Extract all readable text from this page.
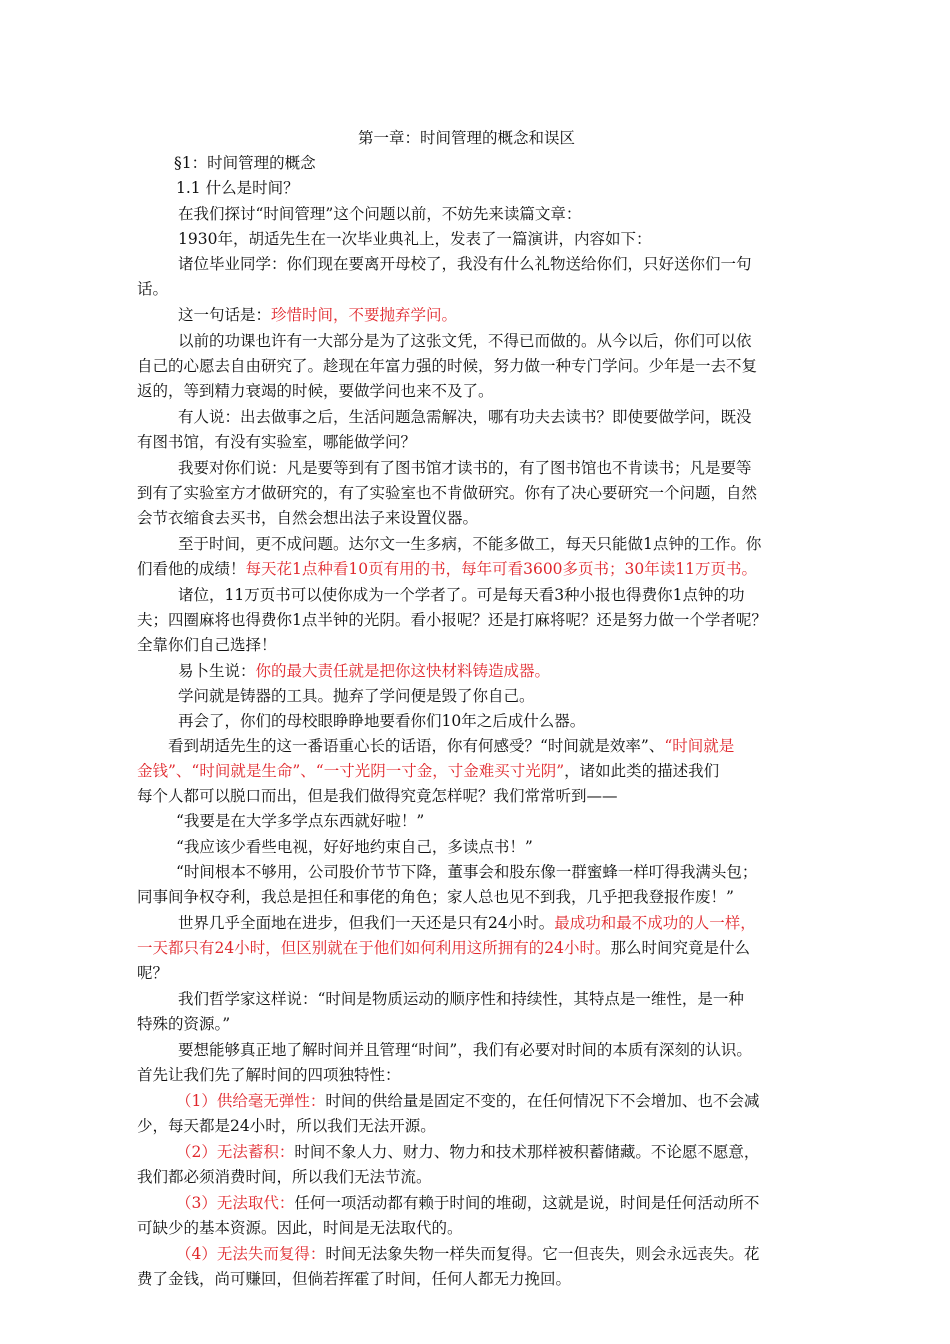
第一章：时间管理的概念和误区
§1：时间管理的概念
1.1 什么是时间？
在我们探讨“时间管理”这个问题以前，不妨先来读篇文章：
1930年，胡适先生在一次毕业典礼上，发表了一篇演讲，内容如下：
诸位毕业同学：你们现在要离开母校了，我没有什么礼物送给你们，只好送你们一句
话。
这一句话是：珍惜时间，不要抛弃学问。
以前的功课也许有一大部分是为了这张文凭，不得已而做的。从今以后，你们可以依
自己的心愿去自由研究了。趁现在年富力强的时候，努力做一种专门学问。少年是一去不复
返的，等到精力衰竭的时候，要做学问也来不及了。
有人说：出去做事之后，生活问题急需解决，哪有功夫去读书？即使要做学问，既没
有图书馆，有没有实验室，哪能做学问？
我要对你们说：凡是要等到有了图书馆才读书的，有了图书馆也不肯读书；凡是要等
到有了实验室方才做研究的，有了实验室也不肯做研究。你有了决心要研究一个问题，自然
会节衣缩食去买书，自然会想出法子来设置仪器。
至于时间，更不成问题。达尔文一生多病，不能多做工，每天只能做1点钟的工作。你
们看他的成绩！每天花1点种看10页有用的书，每年可看3600多页书；30年读11万页书。
诸位，11万页书可以使你成为一个学者了。可是每天看3种小报也得费你1点钟的功
夫；四圈麻将也得费你1点半钟的光阴。看小报呢？还是打麻将呢？还是努力做一个学者呢？
全靠你们自己选择！
易卜生说：你的最大责任就是把你这快材料铸造成器。
学问就是铸器的工具。抛弃了学问便是毁了你自己。
再会了，你们的母校眼睁睁地要看你们10年之后成什么器。
看到胡适先生的这一番语重心长的话语，你有何感受？“时间就是效率”、“时间就是
金钱”、“时间就是生命”、“一寸光阴一寸金，寸金难买寸光阴”，诸如此类的描述我们
每个人都可以脱口而出，但是我们做得究竟怎样呢？我们常常听到——
“我要是在大学多学点东西就好啦！”
“我应该少看些电视，好好地约束自己，多读点书！”
“时间根本不够用，公司股价节节下降，董事会和股东像一群蜜蜂一样叮得我满头包；
同事间争权夺利，我总是担任和事佬的角色；家人总也见不到我，几乎把我登报作废！”
世界几乎全面地在进步，但我们一天还是只有24小时。最成功和最不成功的人一样，
一天都只有24小时，但区别就在于他们如何利用这所拥有的24小时。那么时间究竟是什么
呢？
我们哲学家这样说：“时间是物质运动的顺序性和持续性，其特点是一维性，是一种
特殊的资源。”
要想能够真正地了解时间并且管理“时间”，我们有必要对时间的本质有深刻的认识。
首先让我们先了解时间的四项独特性：
（1）供给毫无弹性：时间的供给量是固定不变的，在任何情况下不会增加、也不会减
少，每天都是24小时，所以我们无法开源。
（2）无法蓄积：时间不象人力、财力、物力和技术那样被积蓄储藏。不论愿不愿意，
我们都必须消费时间，所以我们无法节流。
（3）无法取代：任何一项活动都有赖于时间的堆砌，这就是说，时间是任何活动所不
可缺少的基本资源。因此，时间是无法取代的。
（4）无法失而复得：时间无法象失物一样失而复得。它一但丧失，则会永远丧失。花
费了金钱，尚可赚回，但倘若挥霍了时间，任何人都无力挽回。
